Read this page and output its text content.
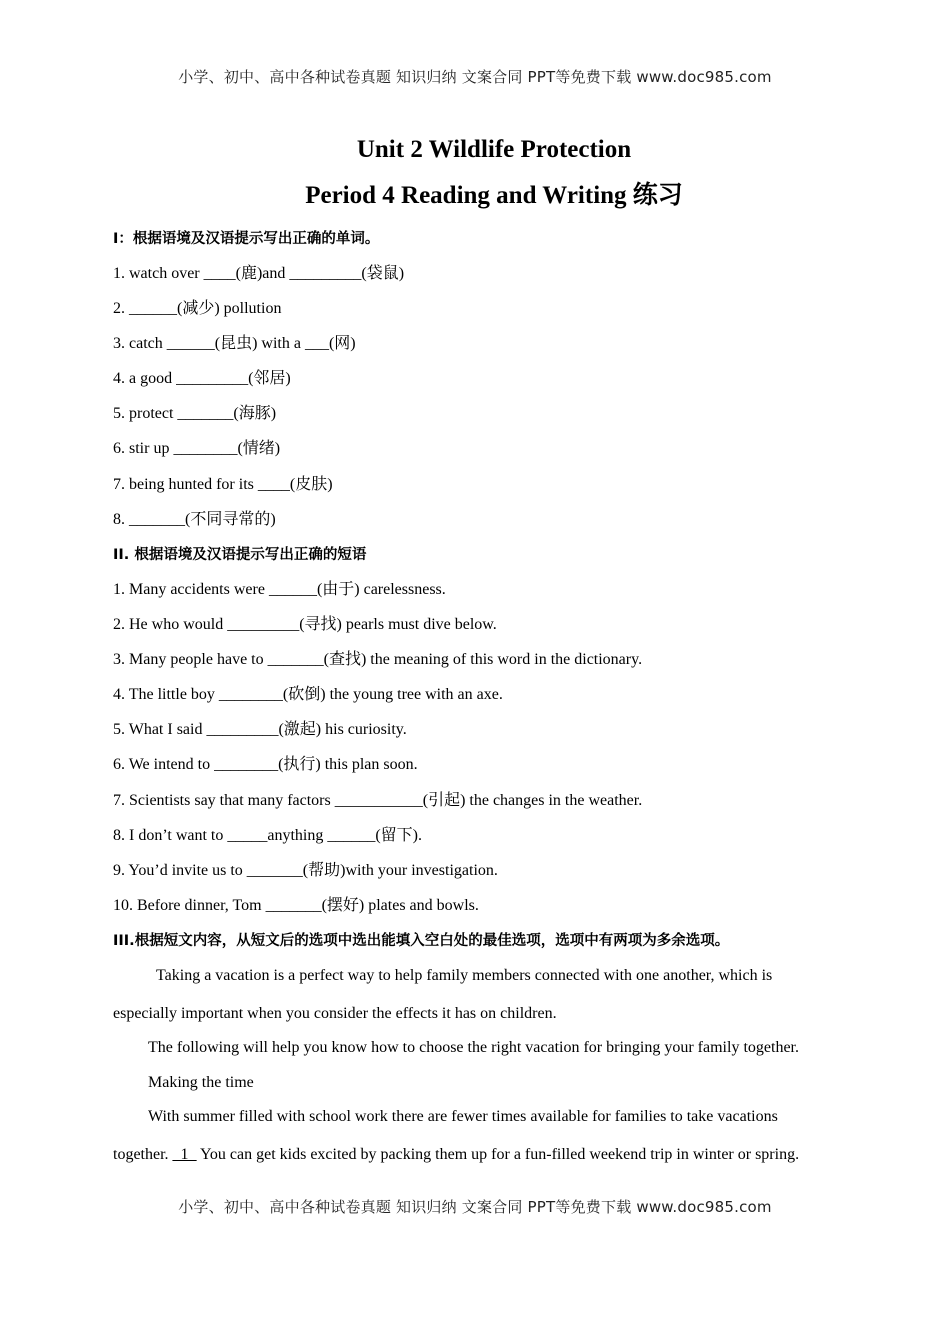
小学、初中、高中各种试卷真题 知识归纳 文案合同 PPT等免费下载 www.doc985.com
Unit 2 Wildlife Protection
Period 4 Reading and Writing 练习
I：根据语境及汉语提示写出正确的单词。
1. watch over ____(鹿)and _________(袋鼠)
2. ______(减少) pollution
3. catch ______(昆虫) with a ___(网)
4. a good _________(邻居)
5. protect _______(海豚)
6. stir up ________(情绪)
7. being hunted for its ____(皮肤)
8. _______(不同寻常的)
II. 根据语境及汉语提示写出正确的短语
1. Many accidents were ______(由于) carelessness.
2. He who would _________(寻找) pearls must dive below.
3. Many people have to _______(查找) the meaning of this word in the dictionary.
4. The little boy ________(砍倒) the young tree with an axe.
5. What I said _________(激起) his curiosity.
6. We intend to ________(执行) this plan soon.
7. Scientists say that many factors ___________(引起) the changes in the weather.
8. I don’t want to _____anything ______(留下).
9. You’d invite us to _______(帮助)with your investigation.
10. Before dinner, Tom _______(摆好) plates and bowls.
III.根据短文内容，从短文后的选项中选出能填入空白处的最佳选项，选项中有两项为多余选项。
Taking a vacation is a perfect way to help family members connected with one another, which is
especially important when you consider the effects it has on children.
The following will help you know how to choose the right vacation for bringing your family together.
Making the time
With summer filled with school work there are fewer times available for families to take vacations
together. _1_ You can get kids excited by packing them up for a fun-filled weekend trip in winter or spring.
小学、初中、高中各种试卷真题 知识归纳 文案合同 PPT等免费下载 www.doc985.com
